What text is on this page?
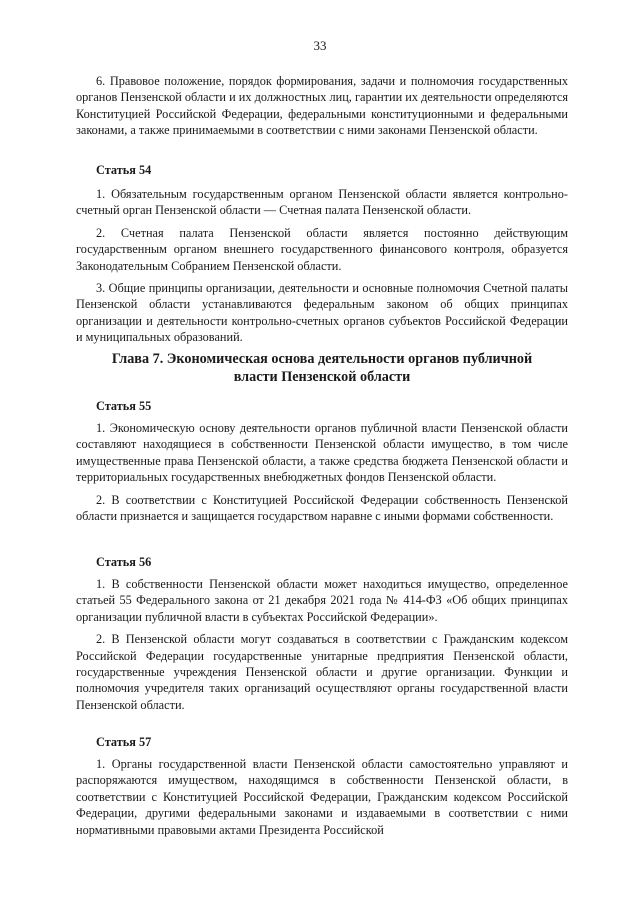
33

6. Правовое положение, порядок формирования, задачи и полномочия государственных органов Пензенской области и их должностных лиц, гарантии их деятельности определяются Конституцией Российской Федерации, федеральными конституционными и федеральными законами, а также принимаемыми в соответствии с ними законами Пензенской области.

Статья 54

1. Обязательным государственным органом Пензенской области является контрольно-счетный орган Пензенской области — Счетная палата Пензенской области.

2. Счетная палата Пензенской области является постоянно действующим государственным органом внешнего государственного финансового контроля, образуется Законодательным Собранием Пензенской области.

3. Общие принципы организации, деятельности и основные полномочия Счетной палаты Пензенской области устанавливаются федеральным законом об общих принципах организации и деятельности контрольно-счетных органов субъектов Российской Федерации и муниципальных образований.

Глава 7. Экономическая основа деятельности органов публичной

власти Пензенской области

Статья 55

1. Экономическую основу деятельности органов публичной власти Пензенской области составляют находящиеся в собственности Пензенской области имущество, в том числе имущественные права Пензенской области, а также средства бюджета Пензенской области и территориальных государственных внебюджетных фондов Пензенской области.

2. В соответствии с Конституцией Российской Федерации собственность Пензенской области признается и защищается государством наравне с иными формами собственности.

Статья 56

1. В собственности Пензенской области может находиться имущество, определенное статьей 55 Федерального закона от 21 декабря 2021 года № 414-ФЗ «Об общих принципах организации публичной власти в субъектах Российской Федерации».

2. В Пензенской области могут создаваться в соответствии с Гражданским кодексом Российской Федерации государственные унитарные предприятия Пензенской области, государственные учреждения Пензенской области и другие организации. Функции и полномочия учредителя таких организаций осуществляют органы государственной власти Пензенской области.

Статья 57

1. Органы государственной власти Пензенской области самостоятельно управляют и распоряжаются имуществом, находящимся в собственности Пензенской области, в соответствии с Конституцией Российской Федерации, Гражданским кодексом Российской Федерации, другими федеральными законами и издаваемыми в соответствии с ними нормативными правовыми актами Президента Российской
